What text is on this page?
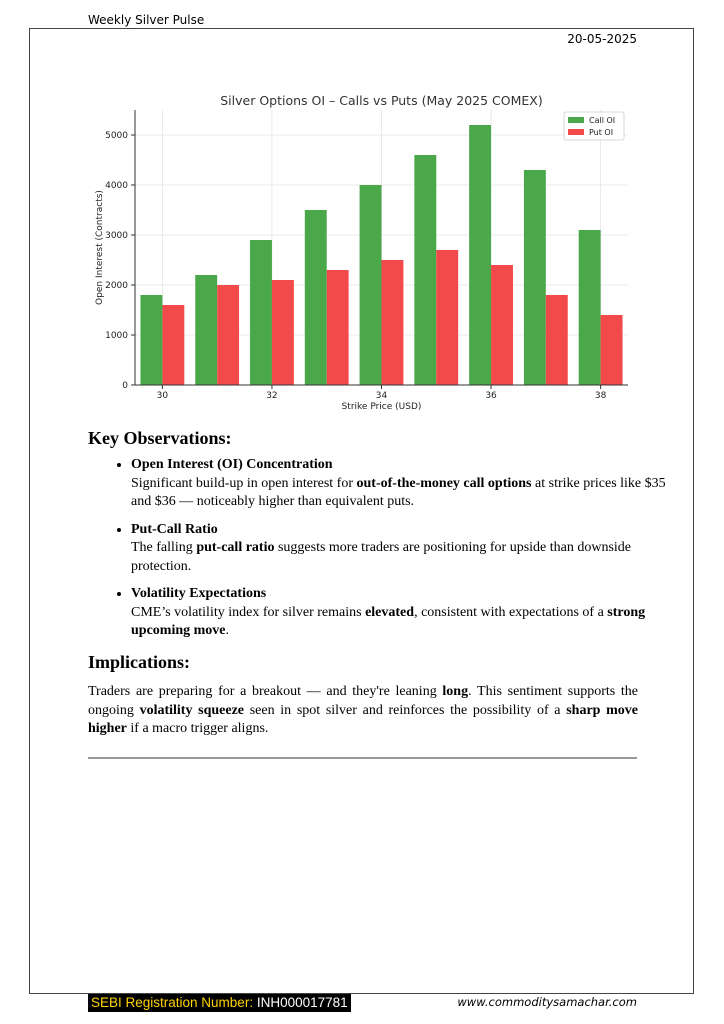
Weekly Silver Pulse
20-05-2025
Silver Options OI – Calls vs Puts (May 2025 COMEX)
0
1000
2000
3000
4000
5000
30	32	34	36	38
Strike Price (USD)
Open Interest (Contracts)
Call OI
Put OI
Key Observations:
• Open Interest (OI) Concentration
Significant build-up in open interest for out-of-the-money call options at strike prices like $35 and $36 — noticeably higher than equivalent puts.
• Put-Call Ratio
The falling put-call ratio suggests more traders are positioning for upside than downside protection.
• Volatility Expectations
CME’s volatility index for silver remains elevated, consistent with expectations of a strong upcoming move.
Implications:

Traders are preparing for a breakout — and they're leaning long. This sentiment supports the ongoing volatility squeeze seen in spot silver and reinforces the possibility of a sharp move higher if a macro trigger aligns.

SEBI Registration Number: INH000017781	www.commoditysamachar.com
